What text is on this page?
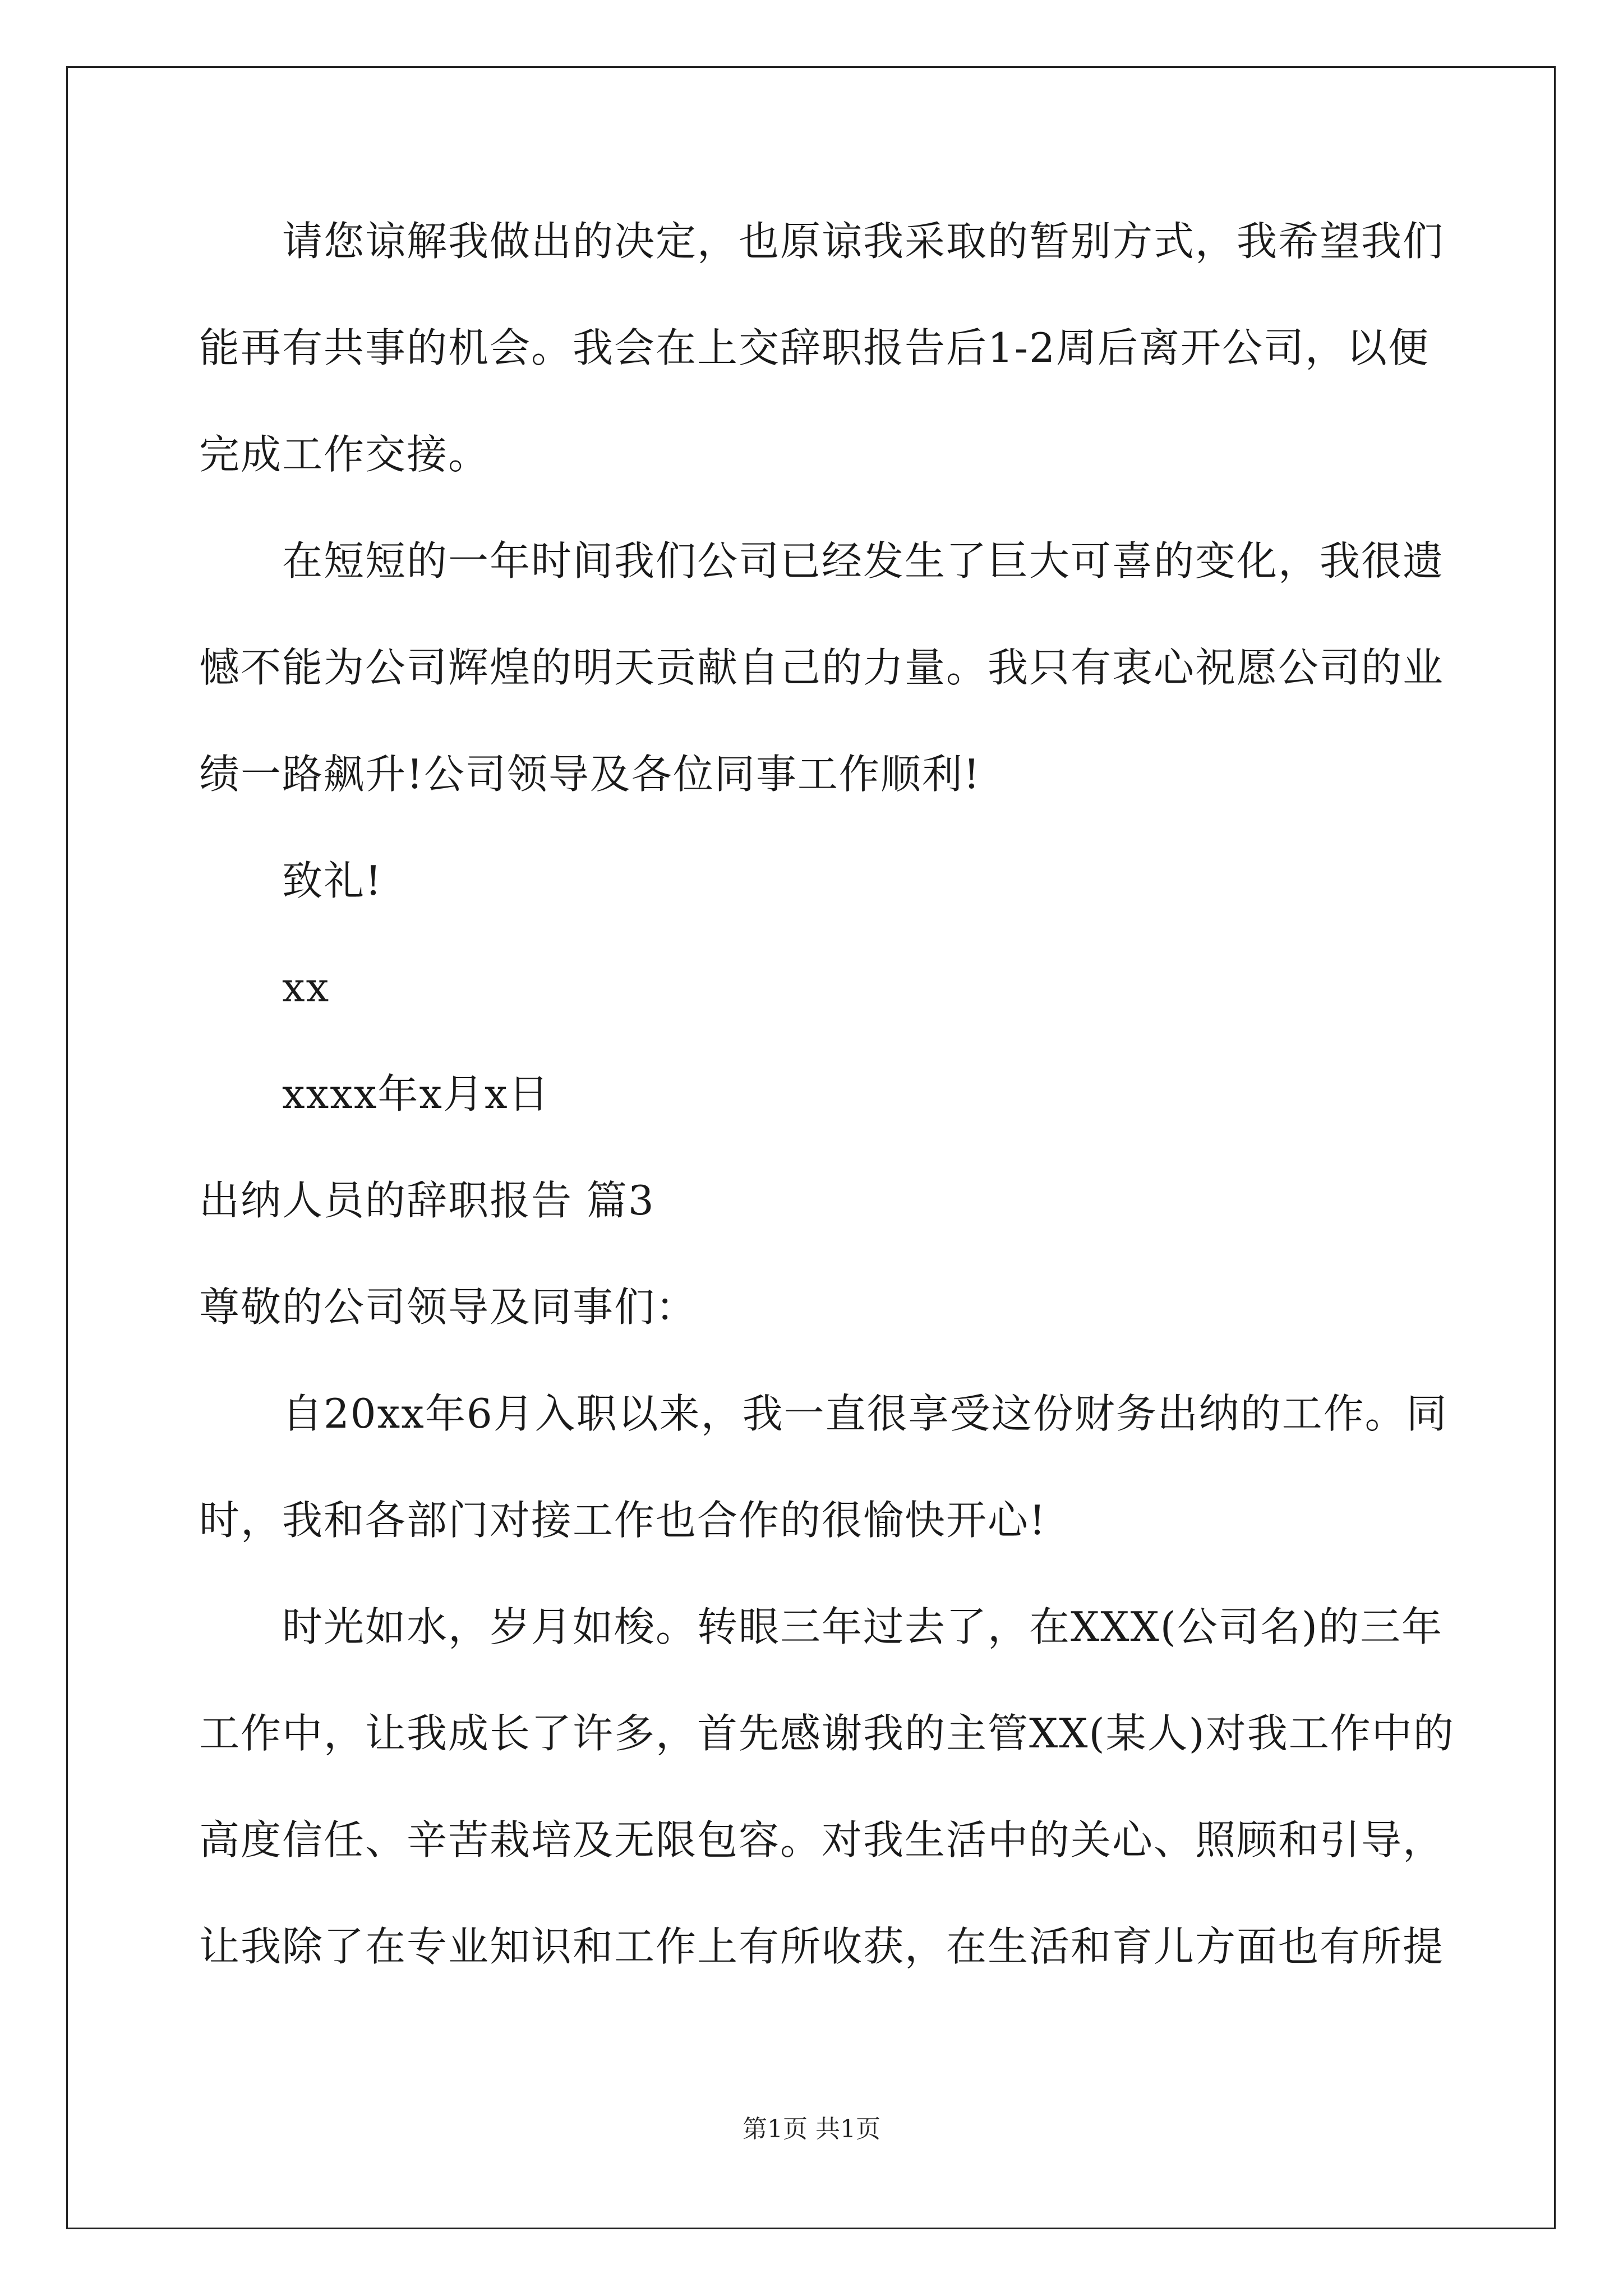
请您谅解我做出的决定，也原谅我采取的暂别方式，我希望我们
能再有共事的机会。我会在上交辞职报告后1-2周后离开公司，以便
完成工作交接。
在短短的一年时间我们公司已经发生了巨大可喜的变化，我很遗
憾不能为公司辉煌的明天贡献自己的力量。我只有衷心祝愿公司的业
绩一路飙升!公司领导及各位同事工作顺利!
致礼!
xx
xxxx年x月x日
出纳人员的辞职报告 篇3
尊敬的公司领导及同事们：
自20xx年6月入职以来，我一直很享受这份财务出纳的工作。同
时，我和各部门对接工作也合作的很愉快开心!
时光如水，岁月如梭。转眼三年过去了，在XXX(公司名)的三年
工作中，让我成长了许多，首先感谢我的主管XX(某人)对我工作中的
高度信任、辛苦栽培及无限包容。对我生活中的关心、照顾和引导，
让我除了在专业知识和工作上有所收获，在生活和育儿方面也有所提
第1页 共1页
